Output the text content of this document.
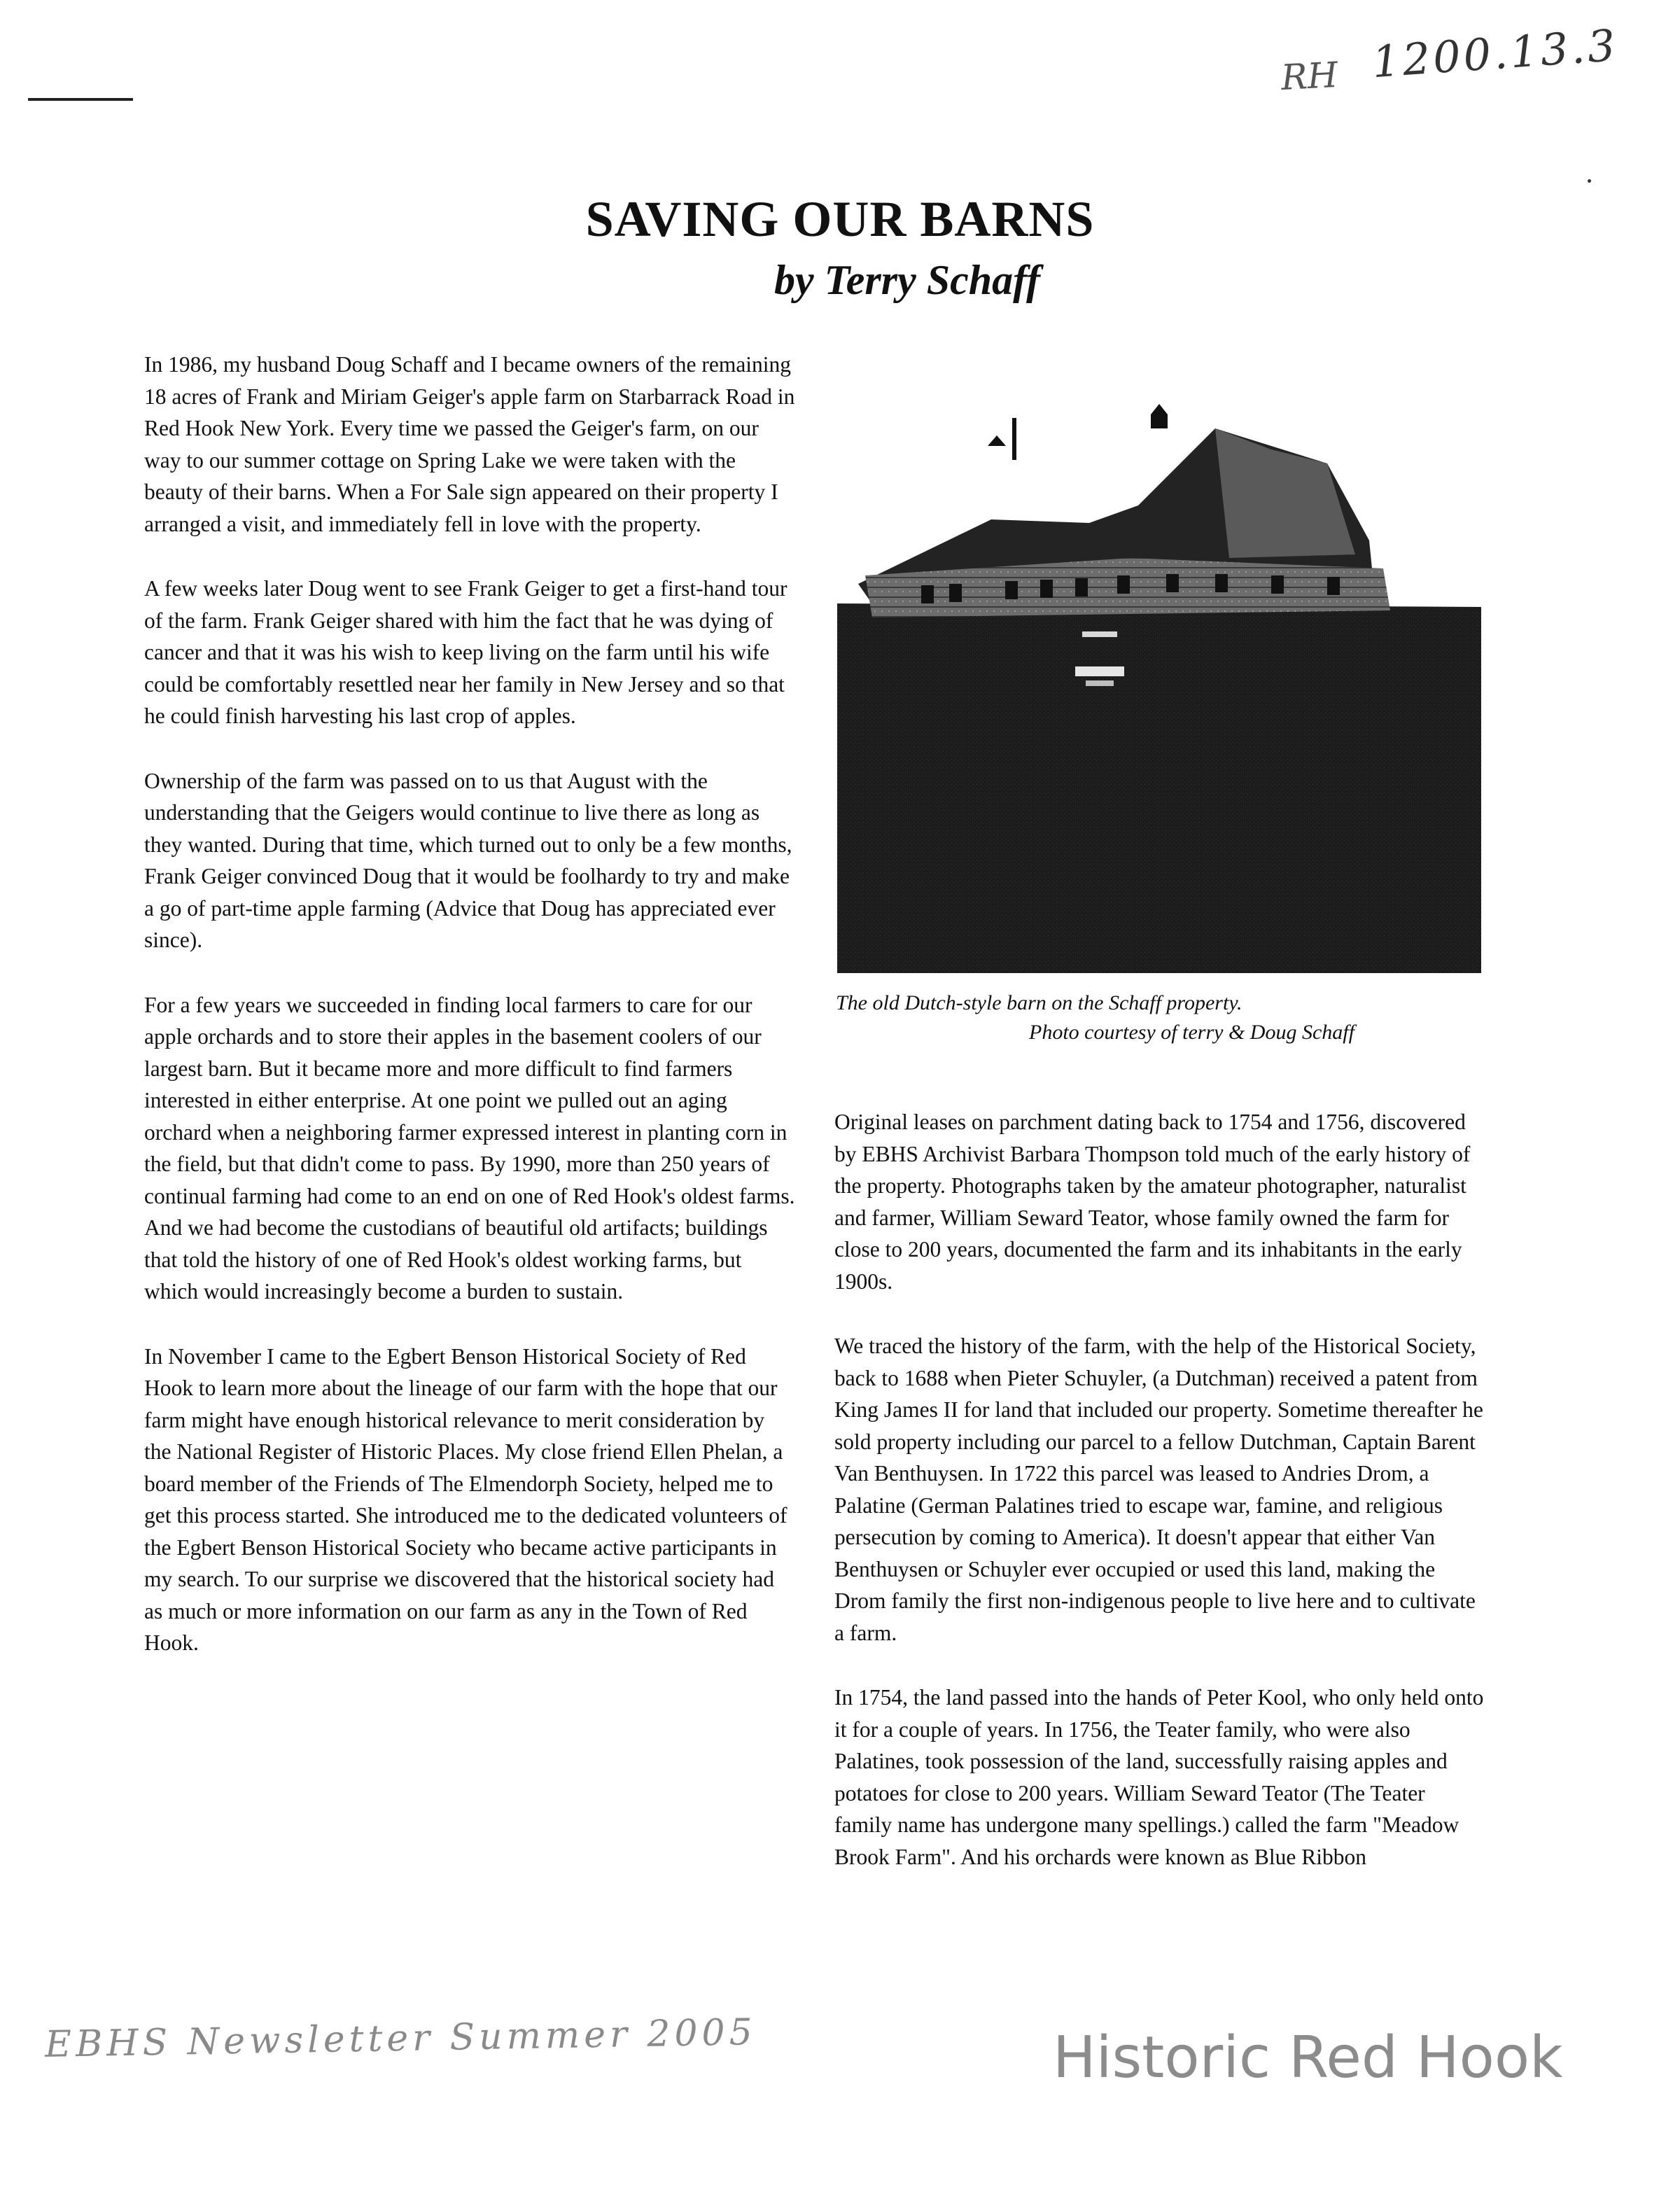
1200.13.3
RH
SAVING OUR BARNS
by Terry Schaff

In 1986, my husband Doug Schaff and I became owners of the remaining 18 acres of Frank and Miriam Geiger's apple farm on Starbarrack Road in Red Hook New York. Every time we passed the Geiger's farm, on our way to our summer cottage on Spring Lake we were taken with the beauty of their barns. When a For Sale sign appeared on their property I arranged a visit, and immediately fell in love with the property.

A few weeks later Doug went to see Frank Geiger to get a first-hand tour of the farm. Frank Geiger shared with him the fact that he was dying of cancer and that it was his wish to keep living on the farm until his wife could be comfortably resettled near her family in New Jersey and so that he could finish harvesting his last crop of apples.

Ownership of the farm was passed on to us that August with the understanding that the Geigers would continue to live there as long as they wanted. During that time, which turned out to only be a few months, Frank Geiger convinced Doug that it would be foolhardy to try and make a go of part-time apple farming (Advice that Doug has appreciated ever since).

For a few years we succeeded in finding local farmers to care for our apple orchards and to store their apples in the basement coolers of our largest barn. But it became more and more difficult to find farmers interested in either enterprise. At one point we pulled out an aging orchard when a neighboring farmer expressed interest in planting corn in the field, but that didn't come to pass. By 1990, more than 250 years of continual farming had come to an end on one of Red Hook's oldest farms. And we had become the custodians of beautiful old artifacts; buildings that told the history of one of Red Hook's oldest working farms, but which would increasingly become a burden to sustain.

In November I came to the Egbert Benson Historical Society of Red Hook to learn more about the lineage of our farm with the hope that our farm might have enough historical relevance to merit consideration by the National Register of Historic Places. My close friend Ellen Phelan, a board member of the Friends of The Elmendorph Society, helped me to get this process started. She introduced me to the dedicated volunteers of the Egbert Benson Historical Society who became active participants in my search. To our surprise we discovered that the historical society had as much or more information on our farm as any in the Town of Red Hook.

The old Dutch-style barn on the Schaff property.
Photo courtesy of terry & Doug Schaff

Original leases on parchment dating back to 1754 and 1756, discovered by EBHS Archivist Barbara Thompson told much of the early history of the property. Photographs taken by the amateur photographer, naturalist and farmer, William Seward Teator, whose family owned the farm for close to 200 years, documented the farm and its inhabitants in the early 1900s.

We traced the history of the farm, with the help of the Historical Society, back to 1688 when Pieter Schuyler, (a Dutchman) received a patent from King James II for land that included our property. Sometime thereafter he sold property including our parcel to a fellow Dutchman, Captain Barent Van Benthuysen. In 1722 this parcel was leased to Andries Drom, a Palatine (German Palatines tried to escape war, famine, and religious persecution by coming to America). It doesn't appear that either Van Benthuysen or Schuyler ever occupied or used this land, making the Drom family the first non-indigenous people to live here and to cultivate a farm.

In 1754, the land passed into the hands of Peter Kool, who only held onto it for a couple of years. In 1756, the Teater family, who were also Palatines, took possession of the land, successfully raising apples and potatoes for close to 200 years. William Seward Teator (The Teater family name has undergone many spellings.) called the farm "Meadow Brook Farm". And his orchards were known as Blue Ribbon

EBHS Newsletter Summer 2005	Historic Red Hook
